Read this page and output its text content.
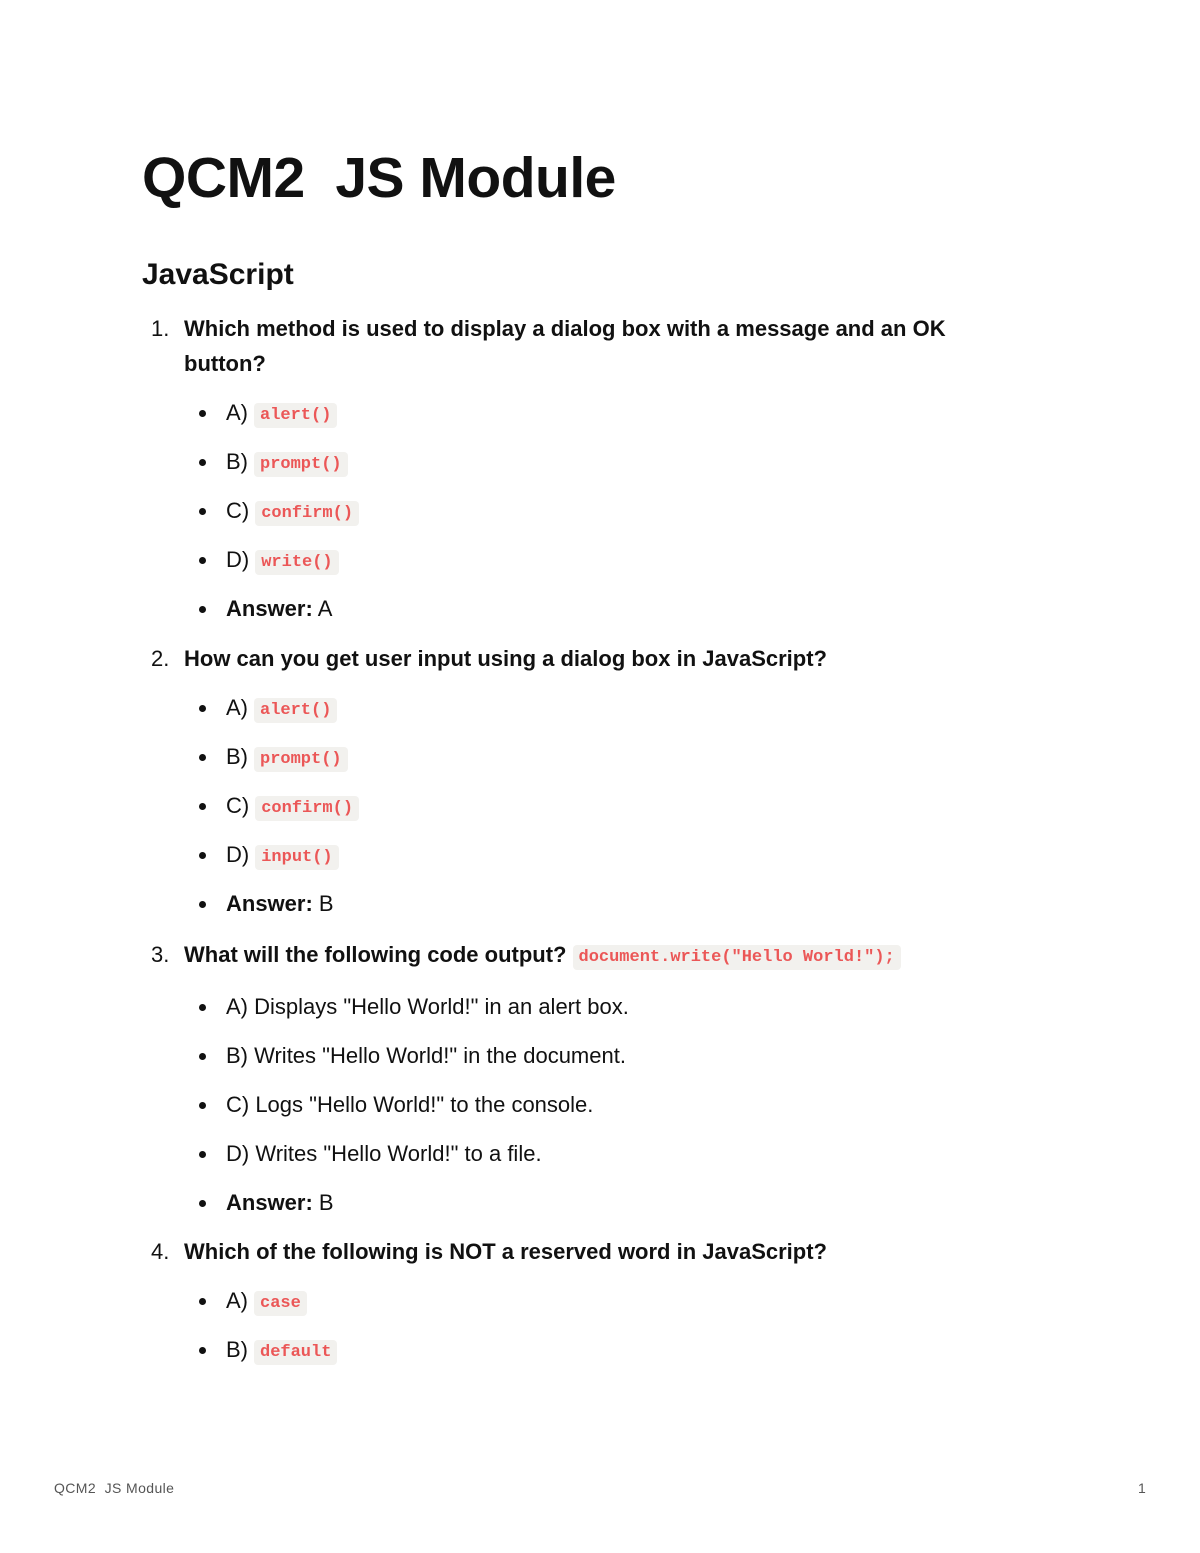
QCM2  JS Module
JavaScript
1. Which method is used to display a dialog box with a message and an OK
button?
A) alert()
B) prompt()
C) confirm()
D) write()
Answer: A
2. How can you get user input using a dialog box in JavaScript?
A) alert()
B) prompt()
C) confirm()
D) input()
Answer: B
3. What will the following code output? document.write("Hello World!");
A) Displays "Hello World!" in an alert box.
B) Writes "Hello World!" in the document.
C) Logs "Hello World!" to the console.
D) Writes "Hello World!" to a file.
Answer: B
4. Which of the following is NOT a reserved word in JavaScript?
A) case
B) default
QCM2  JS Module	1
